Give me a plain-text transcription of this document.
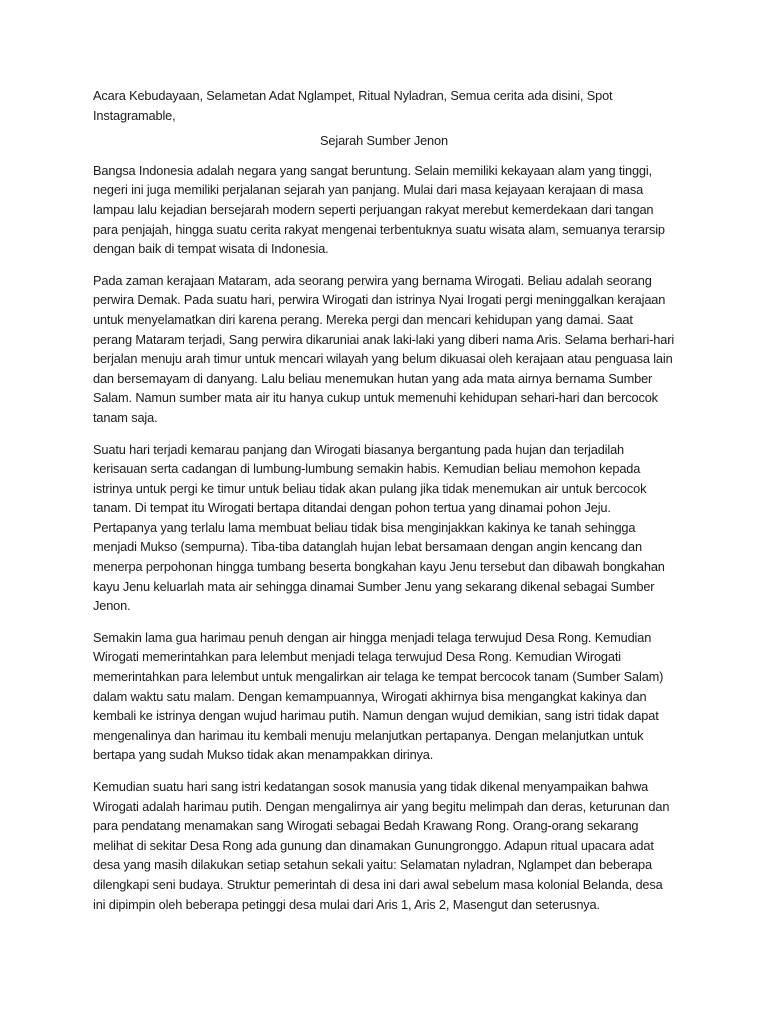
Acara Kebudayaan, Selametan Adat Nglampet, Ritual Nyladran, Semua cerita ada disini, Spot Instagramable,

Sejarah Sumber Jenon

Bangsa Indonesia adalah negara yang sangat beruntung. Selain memiliki kekayaan alam yang tinggi, negeri ini juga memiliki perjalanan sejarah yan panjang. Mulai dari masa kejayaan kerajaan di masa lampau lalu kejadian bersejarah modern seperti perjuangan rakyat merebut kemerdekaan dari tangan para penjajah, hingga suatu cerita rakyat mengenai terbentuknya suatu wisata alam, semuanya terarsip dengan baik di tempat wisata di Indonesia.

Pada zaman kerajaan Mataram, ada seorang perwira yang bernama Wirogati. Beliau adalah seorang perwira Demak. Pada suatu hari, perwira Wirogati dan istrinya Nyai Irogati pergi meninggalkan kerajaan untuk menyelamatkan diri karena perang. Mereka pergi dan mencari kehidupan yang damai. Saat perang Mataram terjadi, Sang perwira dikaruniai anak laki-laki yang diberi nama Aris. Selama berhari-hari berjalan menuju arah timur untuk mencari wilayah yang belum dikuasai oleh kerajaan atau penguasa lain dan bersemayam di danyang. Lalu beliau menemukan hutan yang ada mata airnya bernama Sumber Salam. Namun sumber mata air itu hanya cukup untuk memenuhi kehidupan sehari-hari dan bercocok tanam saja.

Suatu hari terjadi kemarau panjang dan Wirogati biasanya bergantung pada hujan dan terjadilah kerisauan serta cadangan di lumbung-lumbung semakin habis. Kemudian beliau memohon kepada istrinya untuk pergi ke timur untuk beliau tidak akan pulang jika tidak menemukan air untuk bercocok tanam. Di tempat itu Wirogati bertapa ditandai dengan pohon tertua yang dinamai pohon Jeju. Pertapanya yang terlalu lama membuat beliau tidak bisa menginjakkan kakinya ke tanah sehingga menjadi Mukso (sempurna). Tiba-tiba datanglah hujan lebat bersamaan dengan angin kencang dan menerpa perpohonan hingga tumbang beserta bongkahan kayu Jenu tersebut dan dibawah bongkahan kayu Jenu keluarlah mata air sehingga dinamai Sumber Jenu yang sekarang dikenal sebagai Sumber Jenon.

Semakin lama gua harimau penuh dengan air hingga menjadi telaga terwujud Desa Rong. Kemudian Wirogati memerintahkan para lelembut menjadi telaga terwujud Desa Rong. Kemudian Wirogati memerintahkan para lelembut untuk mengalirkan air telaga ke tempat bercocok tanam (Sumber Salam) dalam waktu satu malam. Dengan kemampuannya, Wirogati akhirnya bisa mengangkat kakinya dan kembali ke istrinya dengan wujud harimau putih. Namun dengan wujud demikian, sang istri tidak dapat mengenalinya dan harimau itu kembali menuju melanjutkan pertapanya. Dengan melanjutkan untuk bertapa yang sudah Mukso tidak akan menampakkan dirinya.

Kemudian suatu hari sang istri kedatangan sosok manusia yang tidak dikenal menyampaikan bahwa Wirogati adalah harimau putih. Dengan mengalirnya air yang begitu melimpah dan deras, keturunan dan para pendatang menamakan sang Wirogati sebagai Bedah Krawang Rong. Orang-orang sekarang melihat di sekitar Desa Rong ada gunung dan dinamakan Gunungronggo. Adapun ritual upacara adat desa yang masih dilakukan setiap setahun sekali yaitu: Selamatan nyladran, Nglampet dan beberapa dilengkapi seni budaya. Struktur pemerintah di desa ini dari awal sebelum masa kolonial Belanda, desa ini dipimpin oleh beberapa petinggi desa mulai dari Aris 1, Aris 2, Masengut dan seterusnya.
